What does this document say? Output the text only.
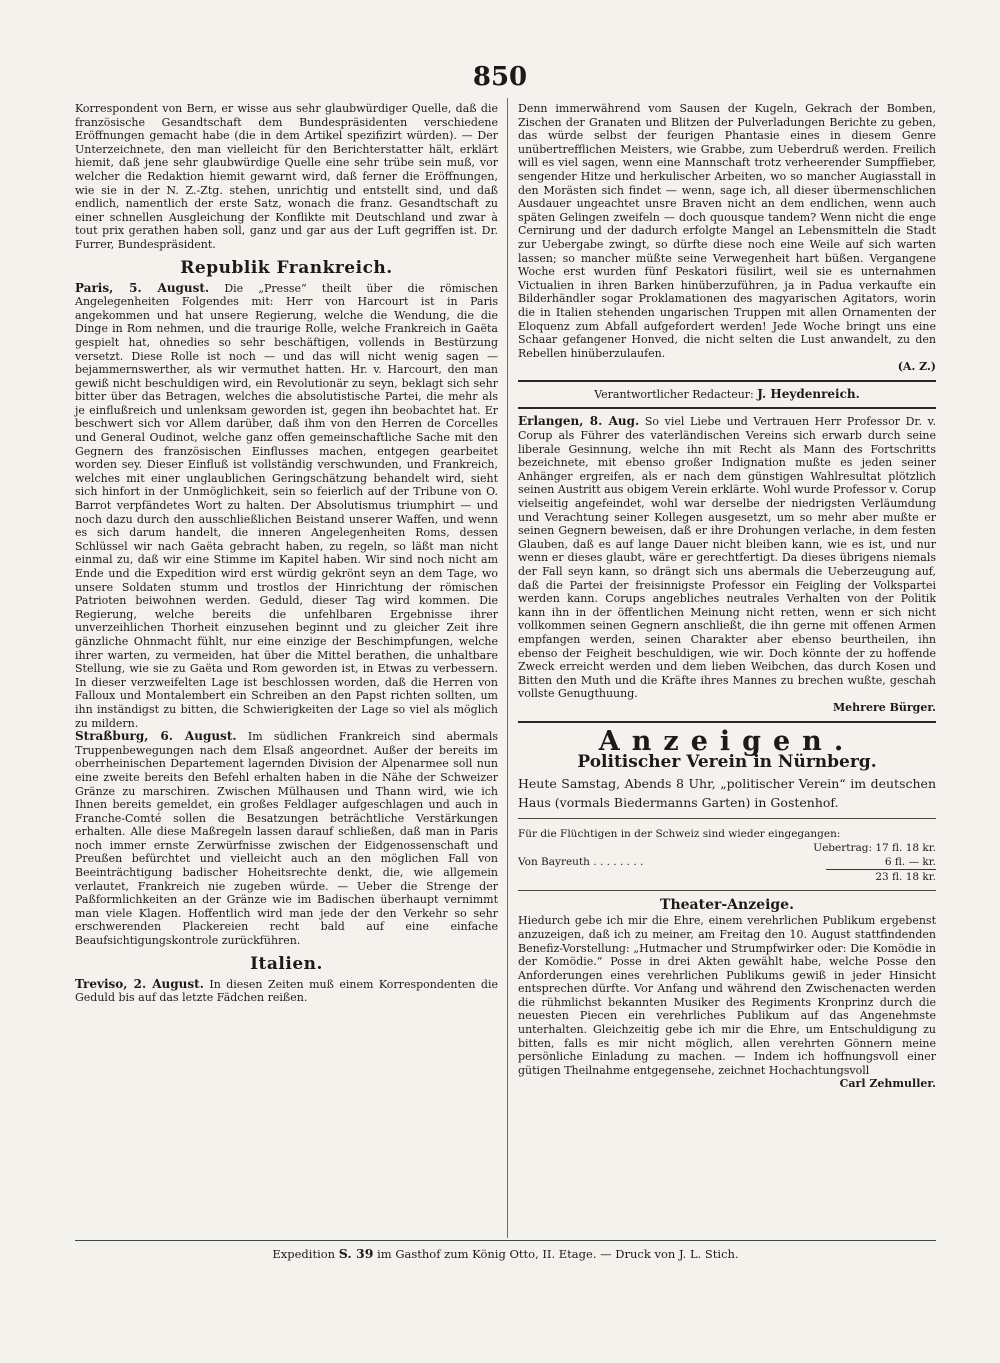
850

Korrespondent von Bern, er wisse aus sehr glaubwürdiger Quelle, daß die französische Gesandtschaft dem Bundespräsidenten verschiedene Eröffnungen gemacht habe (die in dem Artikel spezifizirt würden). — Der Unterzeichnete, den man vielleicht für den Berichterstatter hält, erklärt hiemit, daß jene sehr glaubwürdige Quelle eine sehr trübe sein muß, vor welcher die Redaktion hiemit gewarnt wird, daß ferner die Eröffnungen, wie sie in der N. Z.-Ztg. stehen, unrichtig und entstellt sind, und daß endlich, namentlich der erste Satz, wonach die franz. Gesandtschaft zu einer schnellen Ausgleichung der Konflikte mit Deutschland und zwar à tout prix gerathen haben soll, ganz und gar aus der Luft gegriffen ist. Dr. Furrer, Bundespräsident.

Republik Frankreich.

Paris, 5. August. Die „Presse“ theilt über die römischen Angelegenheiten Folgendes mit: Herr von Harcourt ist in Paris angekommen und hat unsere Regierung, welche die Wendung, die die Dinge in Rom nehmen, und die traurige Rolle, welche Frankreich in Gaëta gespielt hat, ohnedies so sehr beschäftigen, vollends in Bestürzung versetzt. Diese Rolle ist noch — und das will nicht wenig sagen — bejammernswerther, als wir vermuthet hatten. Hr. v. Harcourt, den man gewiß nicht beschuldigen wird, ein Revolutionär zu seyn, beklagt sich sehr bitter über das Betragen, welches die absolutistische Partei, die mehr als je einflußreich und unlenksam geworden ist, gegen ihn beobachtet hat. Er beschwert sich vor Allem darüber, daß ihm von den Herren de Corcelles und General Oudinot, welche ganz offen gemeinschaftliche Sache mit den Gegnern des französischen Einflusses machen, entgegen gearbeitet worden sey. Dieser Einfluß ist vollständig verschwunden, und Frankreich, welches mit einer unglaublichen Geringschätzung behandelt wird, sieht sich hinfort in der Unmöglichkeit, sein so feierlich auf der Tribune von O. Barrot verpfändetes Wort zu halten. Der Absolutismus triumphirt — und noch dazu durch den ausschließlichen Beistand unserer Waffen, und wenn es sich darum handelt, die inneren Angelegenheiten Roms, dessen Schlüssel wir nach Gaëta gebracht haben, zu regeln, so läßt man nicht einmal zu, daß wir eine Stimme im Kapitel haben. Wir sind noch nicht am Ende und die Expedition wird erst würdig gekrönt seyn an dem Tage, wo unsere Soldaten stumm und trostlos der Hinrichtung der römischen Patrioten beiwohnen werden. Geduld, dieser Tag wird kommen. Die Regierung, welche bereits die unfehlbaren Ergebnisse ihrer unverzeihlichen Thorheit einzusehen beginnt und zu gleicher Zeit ihre gänzliche Ohnmacht fühlt, nur eine einzige der Beschimpfungen, welche ihrer warten, zu vermeiden, hat über die Mittel berathen, die unhaltbare Stellung, wie sie zu Gaëta und Rom geworden ist, in Etwas zu verbessern. In dieser verzweifelten Lage ist beschlossen worden, daß die Herren von Falloux und Montalembert ein Schreiben an den Papst richten sollten, um ihn inständigst zu bitten, die Schwierigkeiten der Lage so viel als möglich zu mildern.

Straßburg, 6. August. Im südlichen Frankreich sind abermals Truppenbewegungen nach dem Elsaß angeordnet. Außer der bereits im oberrheinischen Departement lagernden Division der Alpenarmee soll nun eine zweite bereits den Befehl erhalten haben in die Nähe der Schweizer Gränze zu marschiren. Zwischen Mülhausen und Thann wird, wie ich Ihnen bereits gemeldet, ein großes Feldlager aufgeschlagen und auch in Franche-Comté sollen die Besatzungen beträchtliche Verstärkungen erhalten. Alle diese Maßregeln lassen darauf schließen, daß man in Paris noch immer ernste Zerwürfnisse zwischen der Eidgenossenschaft und Preußen befürchtet und vielleicht auch an den möglichen Fall von Beeinträchtigung badischer Hoheitsrechte denkt, die, wie allgemein verlautet, Frankreich nie zugeben würde. — Ueber die Strenge der Paßformlichkeiten an der Gränze wie im Badischen überhaupt vernimmt man viele Klagen. Hoffentlich wird man jede der den Verkehr so sehr erschwerenden Plackereien recht bald auf eine einfache Beaufsichtigungskontrole zurückführen.

Italien.

Treviso, 2. August. In diesen Zeiten muß einem Korrespondenten die Geduld bis auf das letzte Fädchen reißen.

Denn immerwährend vom Sausen der Kugeln, Gekrach der Bomben, Zischen der Granaten und Blitzen der Pulverladungen Berichte zu geben, das würde selbst der feurigen Phantasie eines in diesem Genre unübertrefflichen Meisters, wie Grabbe, zum Ueberdruß werden. Freilich will es viel sagen, wenn eine Mannschaft trotz verheerender Sumpffieber, sengender Hitze und herkulischer Arbeiten, wo so mancher Augiasstall in den Morästen sich findet — wenn, sage ich, all dieser übermenschlichen Ausdauer ungeachtet unsre Braven nicht an dem endlichen, wenn auch späten Gelingen zweifeln — doch quousque tandem? Wenn nicht die enge Cernirung und der dadurch erfolgte Mangel an Lebensmitteln die Stadt zur Uebergabe zwingt, so dürfte diese noch eine Weile auf sich warten lassen; so mancher müßte seine Verwegenheit hart büßen. Vergangene Woche erst wurden fünf Peskatori füsilirt, weil sie es unternahmen Victualien in ihren Barken hinüberzuführen, ja in Padua verkaufte ein Bilderhändler sogar Proklamationen des magyarischen Agitators, worin die in Italien stehenden ungarischen Truppen mit allen Ornamenten der Eloquenz zum Abfall aufgefordert werden! Jede Woche bringt uns eine Schaar gefangener Honved, die nicht selten die Lust anwandelt, zu den Rebellen hinüberzulaufen.

(A. Z.)
Verantwortlicher Redacteur: J. Heydenreich.

Erlangen, 8. Aug. So viel Liebe und Vertrauen Herr Professor Dr. v. Corup als Führer des vaterländischen Vereins sich erwarb durch seine liberale Gesinnung, welche ihn mit Recht als Mann des Fortschritts bezeichnete, mit ebenso großer Indignation mußte es jeden seiner Anhänger ergreifen, als er nach dem günstigen Wahlresultat plötzlich seinen Austritt aus obigem Verein erklärte. Wohl wurde Professor v. Corup vielseitig angefeindet, wohl war derselbe der niedrigsten Verläumdung und Verachtung seiner Kollegen ausgesetzt, um so mehr aber mußte er seinen Gegnern beweisen, daß er ihre Drohungen verlache, in dem festen Glauben, daß es auf lange Dauer nicht bleiben kann, wie es ist, und nur wenn er dieses glaubt, wäre er gerechtfertigt. Da dieses übrigens niemals der Fall seyn kann, so drängt sich uns abermals die Ueberzeugung auf, daß die Partei der freisinnigste Professor ein Feigling der Volkspartei werden kann. Corups angebliches neutrales Verhalten von der Politik kann ihn in der öffentlichen Meinung nicht retten, wenn er sich nicht vollkommen seinen Gegnern anschließt, die ihn gerne mit offenen Armen empfangen werden, seinen Charakter aber ebenso beurtheilen, ihn ebenso der Feigheit beschuldigen, wie wir. Doch könnte der zu hoffende Zweck erreicht werden und dem lieben Weibchen, das durch Kosen und Bitten den Muth und die Kräfte ihres Mannes zu brechen wußte, geschah vollste Genugthuung.

Mehrere Bürger.
Anzeigen.
Politischer Verein in Nürnberg.

Heute Samstag, Abends 8 Uhr, „politischer Verein“ im deutschen Haus (vormals Biedermanns Garten) in Gostenhof.

Für die Flüchtigen in der Schweiz sind wieder eingegangen:
Uebertrag: 17 fl. 18 kr.
Von Bayreuth . . . . . . . .	6 fl. — kr.
23 fl. 18 kr.
Theater-Anzeige.

Hiedurch gebe ich mir die Ehre, einem verehrlichen Publikum ergebenst anzuzeigen, daß ich zu meiner, am Freitag den 10. August stattfindenden Benefiz-Vorstellung: „Hutmacher und Strumpfwirker oder: Die Komödie in der Komödie.“ Posse in drei Akten gewählt habe, welche Posse den Anforderungen eines verehrlichen Publikums gewiß in jeder Hinsicht entsprechen dürfte. Vor Anfang und während den Zwischenacten werden die rühmlichst bekannten Musiker des Regiments Kronprinz durch die neuesten Piecen ein verehrliches Publikum auf das Angenehmste unterhalten. Gleichzeitig gebe ich mir die Ehre, um Entschuldigung zu bitten, falls es mir nicht möglich, allen verehrten Gönnern meine persönliche Einladung zu machen. — Indem ich hoffnungsvoll einer gütigen Theilnahme entgegensehe, zeichnet Hochachtungsvoll

Carl Zehmuller.
Expedition S. 39 im Gasthof zum König Otto, II. Etage. — Druck von J. L. Stich.
